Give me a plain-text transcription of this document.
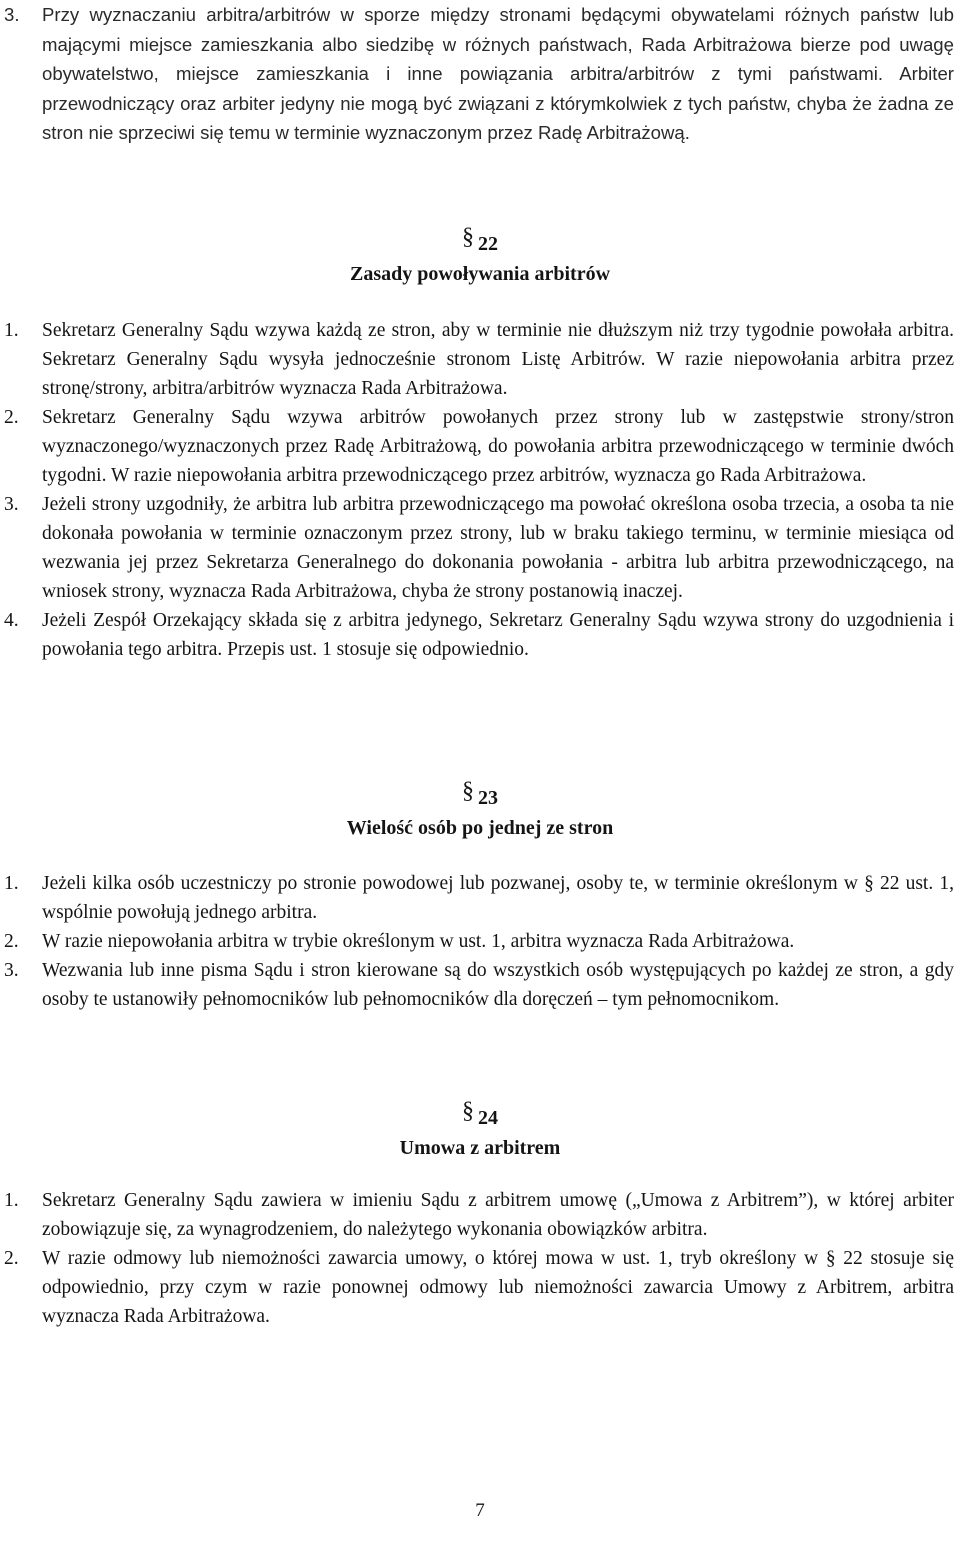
3. Przy wyznaczaniu arbitra/arbitrów w sporze między stronami będącymi obywatelami różnych państw lub mającymi miejsce zamieszkania albo siedzibę w różnych państwach, Rada Arbitrażowa bierze pod uwagę obywatelstwo, miejsce zamieszkania i inne powiązania arbitra/arbitrów z tymi państwami. Arbiter przewodniczący oraz arbiter jedyny nie mogą być związani z którymkolwiek z tych państw, chyba że żadna ze stron nie sprzeciwi się temu w terminie wyznaczonym przez Radę Arbitrażową.
§ 22
Zasady powoływania arbitrów
1. Sekretarz Generalny Sądu wzywa każdą ze stron, aby w terminie nie dłuższym niż trzy tygodnie powołała arbitra. Sekretarz Generalny Sądu wysyła jednocześnie stronom Listę Arbitrów. W razie niepowołania arbitra przez stronę/strony, arbitra/arbitrów wyznacza Rada Arbitrażowa.
2. Sekretarz Generalny Sądu wzywa arbitrów powołanych przez strony lub w zastępstwie strony/stron wyznaczonego/wyznaczonych przez Radę Arbitrażową, do powołania arbitra przewodniczącego w terminie dwóch tygodni. W razie niepowołania arbitra przewodniczącego przez arbitrów, wyznacza go Rada Arbitrażowa.
3. Jeżeli strony uzgodniły, że arbitra lub arbitra przewodniczącego ma powołać określona osoba trzecia, a osoba ta nie dokonała powołania w terminie oznaczonym przez strony, lub w braku takiego terminu, w terminie miesiąca od wezwania jej przez Sekretarza Generalnego do dokonania powołania - arbitra lub arbitra przewodniczącego, na wniosek strony, wyznacza Rada Arbitrażowa, chyba że strony postanowią inaczej.
4. Jeżeli Zespół Orzekający składa się z arbitra jedynego, Sekretarz Generalny Sądu wzywa strony do uzgodnienia i powołania tego arbitra. Przepis ust. 1 stosuje się odpowiednio.
§ 23
Wielość osób po jednej ze stron
1. Jeżeli kilka osób uczestniczy po stronie powodowej lub pozwanej, osoby te, w terminie określonym w § 22 ust. 1, wspólnie powołują jednego arbitra.
2. W razie niepowołania arbitra w trybie określonym w ust. 1, arbitra wyznacza Rada Arbitrażowa.
3. Wezwania lub inne pisma Sądu i stron kierowane są do wszystkich osób występujących po każdej ze stron, a gdy osoby te ustanowiły pełnomocników lub pełnomocników dla doręczeń – tym pełnomocnikom.
§ 24
Umowa z arbitrem
1. Sekretarz Generalny Sądu zawiera w imieniu Sądu z arbitrem umowę („Umowa z Arbitrem”), w której arbiter zobowiązuje się, za wynagrodzeniem, do należytego wykonania obowiązków arbitra.
2. W razie odmowy lub niemożności zawarcia umowy, o której mowa w ust. 1, tryb określony w § 22 stosuje się odpowiednio, przy czym w razie ponownej odmowy lub niemożności zawarcia Umowy z Arbitrem, arbitra wyznacza Rada Arbitrażowa.
7
